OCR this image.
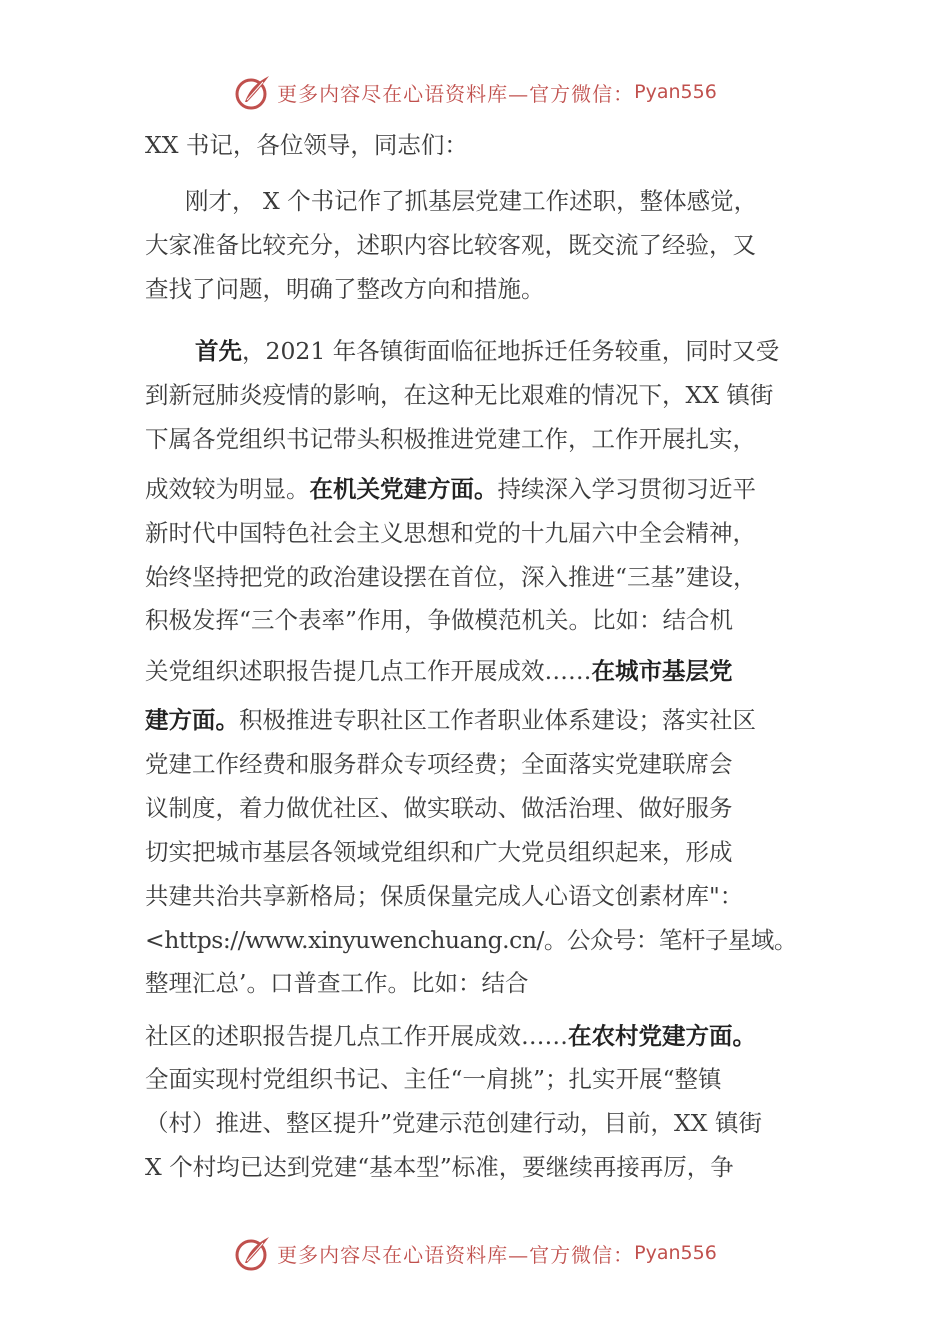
更多内容尽在心语资料库—官方微信： Pyan556
XX 书记，各位领导，同志们：
刚才， X 个书记作了抓基层党建工作述职，整体感觉，
大家准备比较充分，述职内容比较客观，既交流了经验，又
查找了问题，明确了整改方向和措施。
首先，2021 年各镇街面临征地拆迁任务较重，同时又受
到新冠肺炎疫情的影响，在这种无比艰难的情况下，XX 镇街
下属各党组织书记带头积极推进党建工作，工作开展扎实，
成效较为明显。在机关党建方面。持续深入学习贯彻习近平
新时代中国特色社会主义思想和党的十九届六中全会精神，
始终坚持把党的政治建设摆在首位，深入推进“三基”建设，
积极发挥“三个表率”作用，争做模范机关。比如：结合机
关党组织述职报告提几点工作开展成效……在城市基层党
建方面。积极推进专职社区工作者职业体系建设；落实社区
党建工作经费和服务群众专项经费；全面落实党建联席会
议制度，着力做优社区、做实联动、做活治理、做好服务
切实把城市基层各领域党组织和广大党员组织起来，形成
共建共治共享新格局；保质保量完成人心语文创素材库"：
<https://www.xinyuwenchuang.cn/。公众号：笔杆子星域。
整理汇总’。口普查工作。比如：结合
社区的述职报告提几点工作开展成效……在农村党建方面。
全面实现村党组织书记、主任“一肩挑”；扎实开展“整镇
（村）推进、整区提升”党建示范创建行动，目前，XX 镇街
X 个村均已达到党建“基本型”标准，要继续再接再厉，争
更多内容尽在心语资料库—官方微信： Pyan556
